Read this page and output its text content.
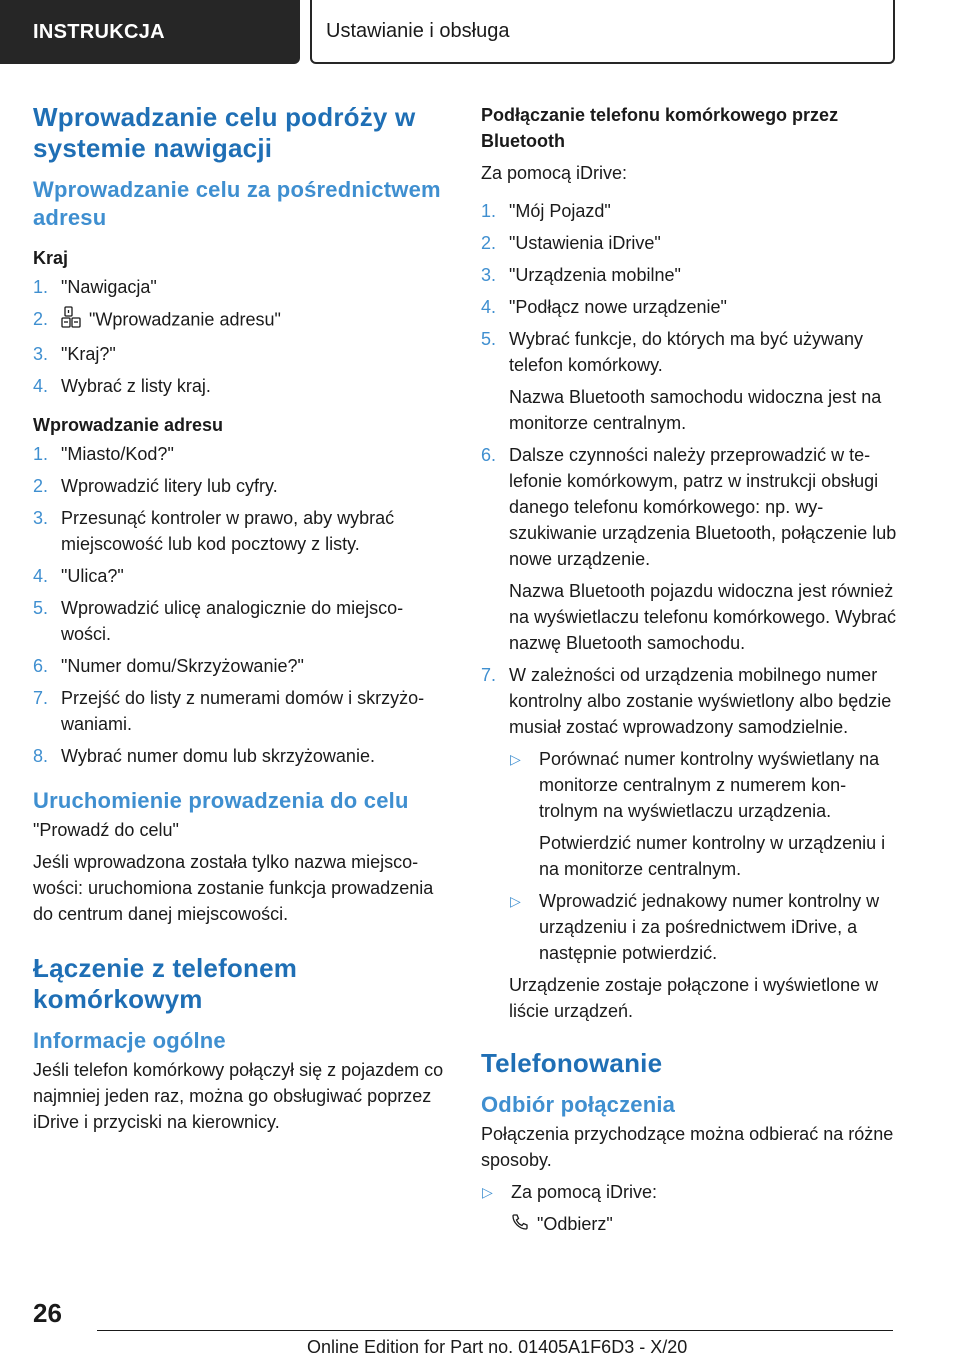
INSTRUKCJA	Ustawianie i obsługa
Wprowadzanie celu podróży w systemie nawigacji
Wprowadzanie celu za pośrednictwem adresu
Kraj
1. "Nawigacja"
2. "Wprowadzanie adresu"
3. "Kraj?"
4. Wybrać z listy kraj.
Wprowadzanie adresu
1. "Miasto/Kod?"
2. Wprowadzić litery lub cyfry.
3. Przesunąć kontroler w prawo, aby wybrać miejscowość lub kod pocztowy z listy.
4. "Ulica?"
5. Wprowadzić ulicę analogicznie do miejscowości.
6. "Numer domu/Skrzyżowanie?"
7. Przejść do listy z numerami domów i skrzyżowaniami.
8. Wybrać numer domu lub skrzyżowanie.
Uruchomienie prowadzenia do celu

"Prowadź do celu"

Jeśli wprowadzona została tylko nazwa miejscowości: uruchomiona zostanie funkcja prowadzenia do centrum danej miejscowości.

Łączenie z telefonem komórkowym
Informacje ogólne

Jeśli telefon komórkowy połączył się z pojazdem co najmniej jeden raz, można go obsługiwać poprzez iDrive i przyciski na kierownicy.

Podłączanie telefonu komórkowego przez Bluetooth

Za pomocą iDrive:

1. "Mój Pojazd"
2. "Ustawienia iDrive"
3. "Urządzenia mobilne"
4. "Podłącz nowe urządzenie"
5. Wybrać funkcje, do których ma być używany telefon komórkowy.

Nazwa Bluetooth samochodu widoczna jest na monitorze centralnym.

6. Dalsze czynności należy przeprowadzić w telefonie komórkowym, patrz w instrukcji obsługi danego telefonu komórkowego: np. wyszukiwanie urządzenia Bluetooth, połączenie lub nowe urządzenie.

Nazwa Bluetooth pojazdu widoczna jest również na wyświetlaczu telefonu komórkowego. Wybrać nazwę Bluetooth samochodu.

7. W zależności od urządzenia mobilnego numer kontrolny albo zostanie wyświetlony albo będzie musiał zostać wprowadzony samodzielnie.
▷ Porównać numer kontrolny wyświetlany na monitorze centralnym z numerem kontrolnym na wyświetlaczu urządzenia.

Potwierdzić numer kontrolny w urządzeniu i na monitorze centralnym.

▷ Wprowadzić jednakowy numer kontrolny w urządzeniu i za pośrednictwem iDrive, a następnie potwierdzić.

Urządzenie zostaje połączone i wyświetlone w liście urządzeń.

Telefonowanie
Odbiór połączenia

Połączenia przychodzące można odbierać na różne sposoby.

▷ Za pomocą iDrive:

"Odbierz"

26
Online Edition for Part no. 01405A1F6D3 - X/20
